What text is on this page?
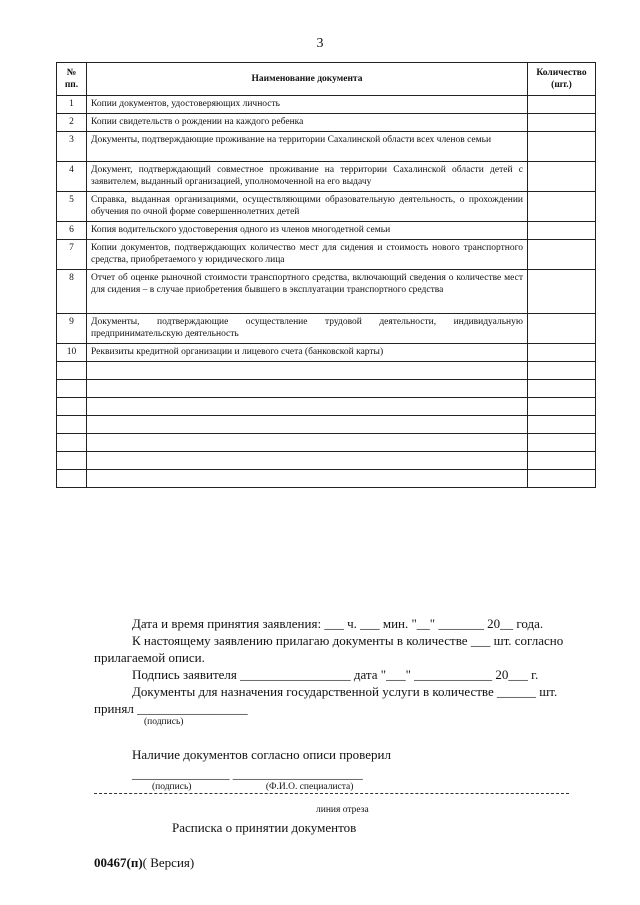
3
№ пп.	Наименование документа	Количество (шт.)
1	Копии документов, удостоверяющих личность	
2	Копии свидетельств о рождении на каждого ребенка	
3	Документы, подтверждающие проживание на территории Сахалинской области всех членов семьи	
4	Документ, подтверждающий совместное проживание на территории Сахалинской области детей с заявителем, выданный организацией, уполномоченной на его выдачу	
5	Справка, выданная организациями, осуществляющими образовательную деятельность, о прохождении обучения по очной форме совершеннолетних детей	
6	Копия водительского удостоверения одного из членов многодетной семьи	
7	Копии документов, подтверждающих количество мест для сидения и стоимость нового транспортного средства, приобретаемого у юридического лица	
8	Отчет об оценке рыночной стоимости транспортного средства, включающий сведения о количестве мест для сидения – в случае приобретения бывшего в эксплуатации транспортного средства	
9	Документы, подтверждающие осуществление трудовой деятельности, индивидуальную предпринимательскую деятельность	
10	Реквизиты кредитной организации и лицевого счета (банковской карты)	

Дата и время принятия заявления: ___ ч. ___ мин. "__" _______ 20__ года.
К настоящему заявлению прилагаю документы в количестве ___ шт. согласно
прилагаемой описи.
Подпись заявителя _________________ дата "___" ____________ 20___ г.
Документы для назначения государственной услуги в количестве ______ шт.
принял _________________
(подпись)
Наличие документов согласно описи проверил
_______________ ____________________
(подпись)	(Ф.И.О. специалиста)
линия отреза
Расписка о принятии документов
00467(п)( Версия)
